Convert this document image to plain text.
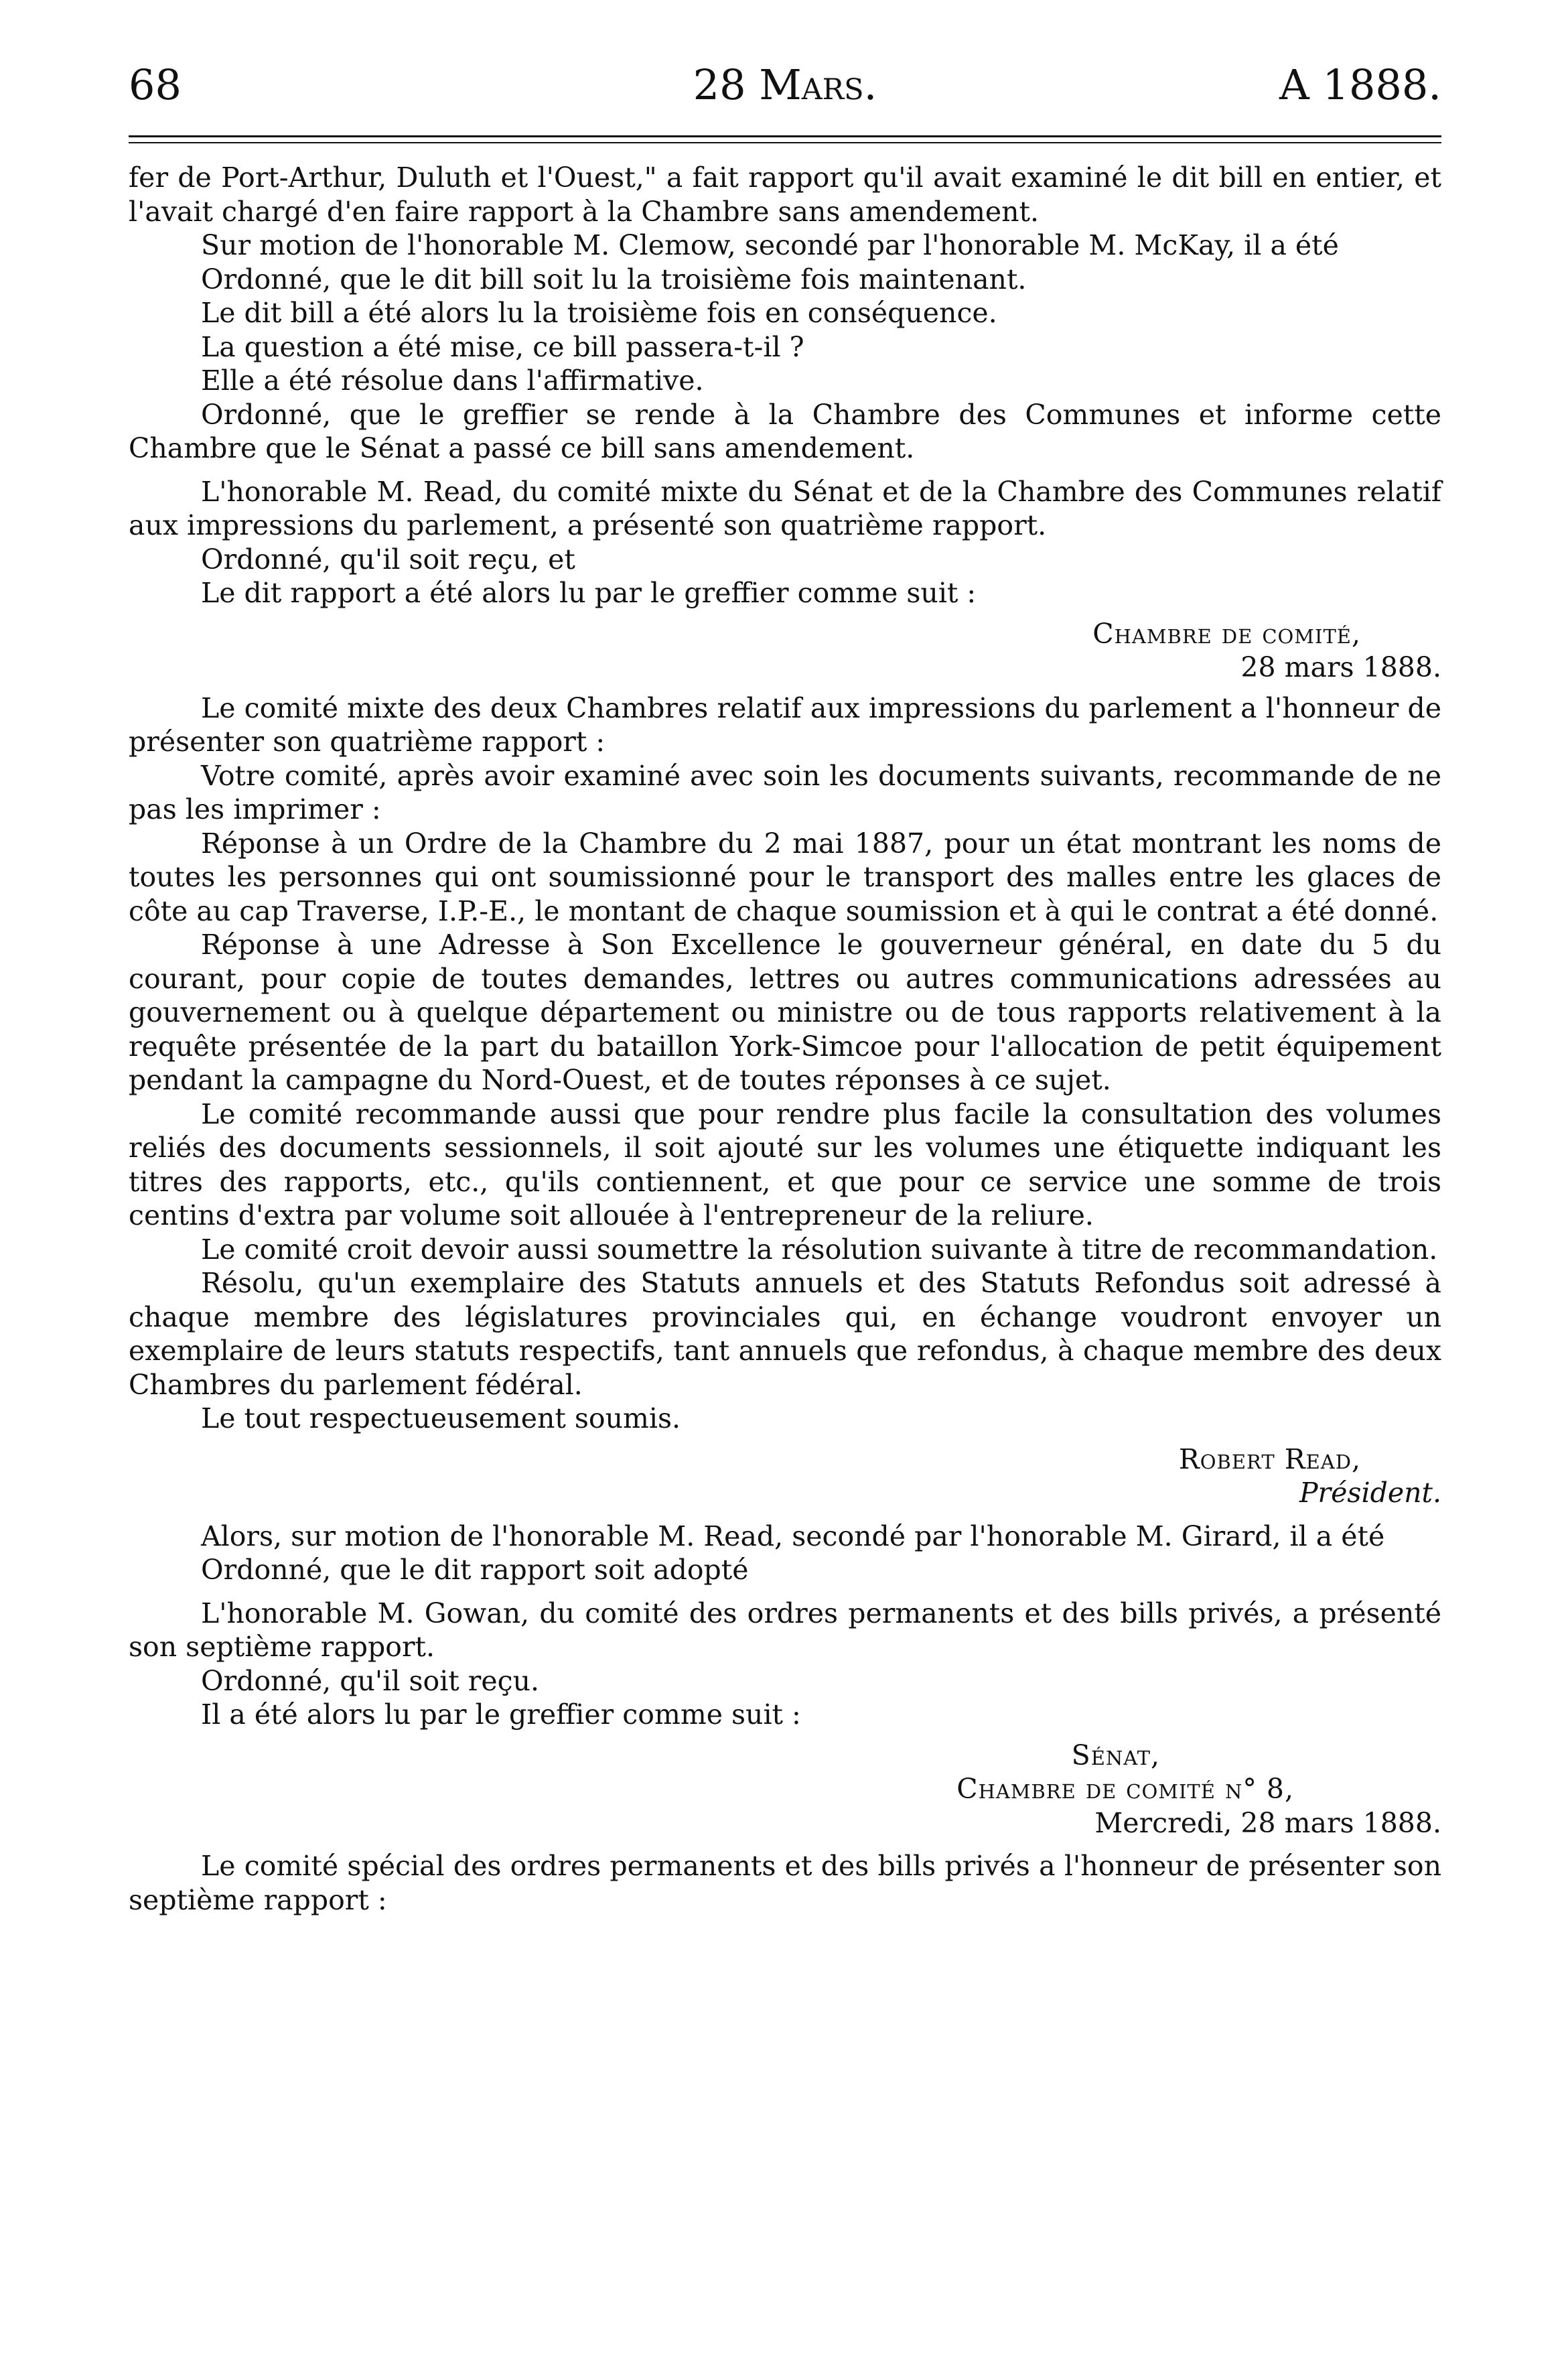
68	28 Mars.	A 1888.

fer de Port-Arthur, Duluth et l'Ouest," a fait rapport qu'il avait examiné le dit bill en entier, et l'avait chargé d'en faire rapport à la Chambre sans amendement.

Sur motion de l'honorable M. Clemow, secondé par l'honorable M. McKay, il a été

Ordonné, que le dit bill soit lu la troisième fois maintenant.

Le dit bill a été alors lu la troisième fois en conséquence.

La question a été mise, ce bill passera-t-il ?

Elle a été résolue dans l'affirmative.

Ordonné, que le greffier se rende à la Chambre des Communes et informe cette Chambre que le Sénat a passé ce bill sans amendement.

L'honorable M. Read, du comité mixte du Sénat et de la Chambre des Communes relatif aux impressions du parlement, a présenté son quatrième rapport.

Ordonné, qu'il soit reçu, et

Le dit rapport a été alors lu par le greffier comme suit :

Chambre de comité,
28 mars 1888.

Le comité mixte des deux Chambres relatif aux impressions du parlement a l'honneur de présenter son quatrième rapport :

Votre comité, après avoir examiné avec soin les documents suivants, recommande de ne pas les imprimer :

Réponse à un Ordre de la Chambre du 2 mai 1887, pour un état montrant les noms de toutes les personnes qui ont soumissionné pour le transport des malles entre les glaces de côte au cap Traverse, I.P.-E., le montant de chaque soumission et à qui le contrat a été donné.

Réponse à une Adresse à Son Excellence le gouverneur général, en date du 5 du courant, pour copie de toutes demandes, lettres ou autres communications adressées au gouvernement ou à quelque département ou ministre ou de tous rapports relativement à la requête présentée de la part du bataillon York-Simcoe pour l'allocation de petit équipement pendant la campagne du Nord-Ouest, et de toutes réponses à ce sujet.

Le comité recommande aussi que pour rendre plus facile la consultation des volumes reliés des documents sessionnels, il soit ajouté sur les volumes une étiquette indiquant les titres des rapports, etc., qu'ils contiennent, et que pour ce service une somme de trois centins d'extra par volume soit allouée à l'entrepreneur de la reliure.

Le comité croit devoir aussi soumettre la résolution suivante à titre de recommandation.

Résolu, qu'un exemplaire des Statuts annuels et des Statuts Refondus soit adressé à chaque membre des législatures provinciales qui, en échange voudront envoyer un exemplaire de leurs statuts respectifs, tant annuels que refondus, à chaque membre des deux Chambres du parlement fédéral.

Le tout respectueusement soumis.

Robert Read,
Président.

Alors, sur motion de l'honorable M. Read, secondé par l'honorable M. Girard, il a été

Ordonné, que le dit rapport soit adopté

L'honorable M. Gowan, du comité des ordres permanents et des bills privés, a présenté son septième rapport.

Ordonné, qu'il soit reçu.

Il a été alors lu par le greffier comme suit :

Sénat,
Chambre de comité n° 8,
Mercredi, 28 mars 1888.

Le comité spécial des ordres permanents et des bills privés a l'honneur de présenter son septième rapport :
